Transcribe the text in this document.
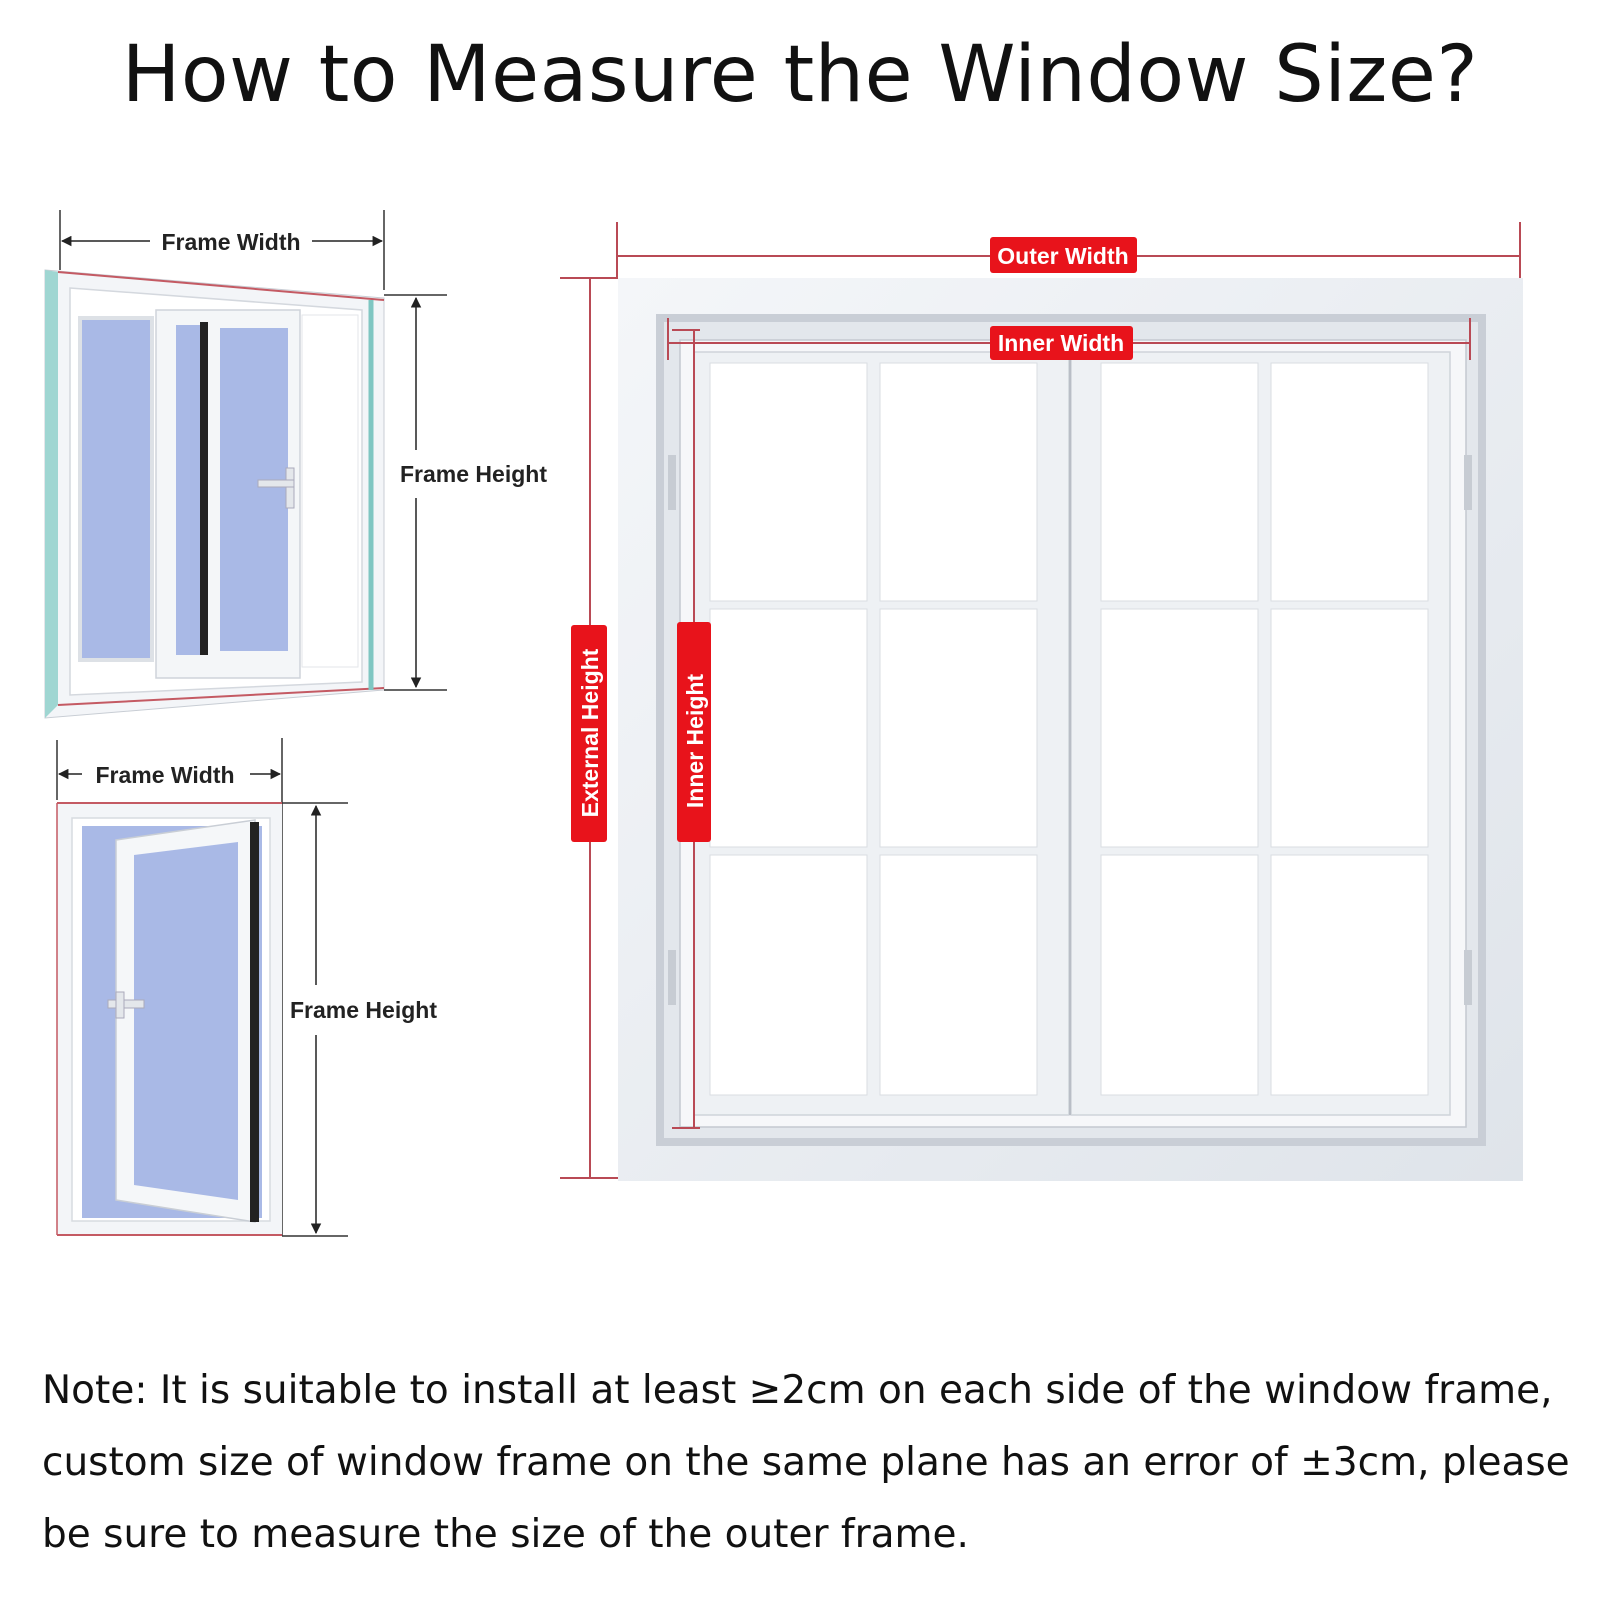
How to Measure the Window Size?
Frame Width
Frame Height
Frame Width
Frame Height
Outer Width
Inner Width
External Height	Inner Height
Note: It is suitable to install at least ≥2cm on each side of the window frame, custom size of window frame on the same plane has an error of ±3cm, please be sure to measure the size of the outer frame.
